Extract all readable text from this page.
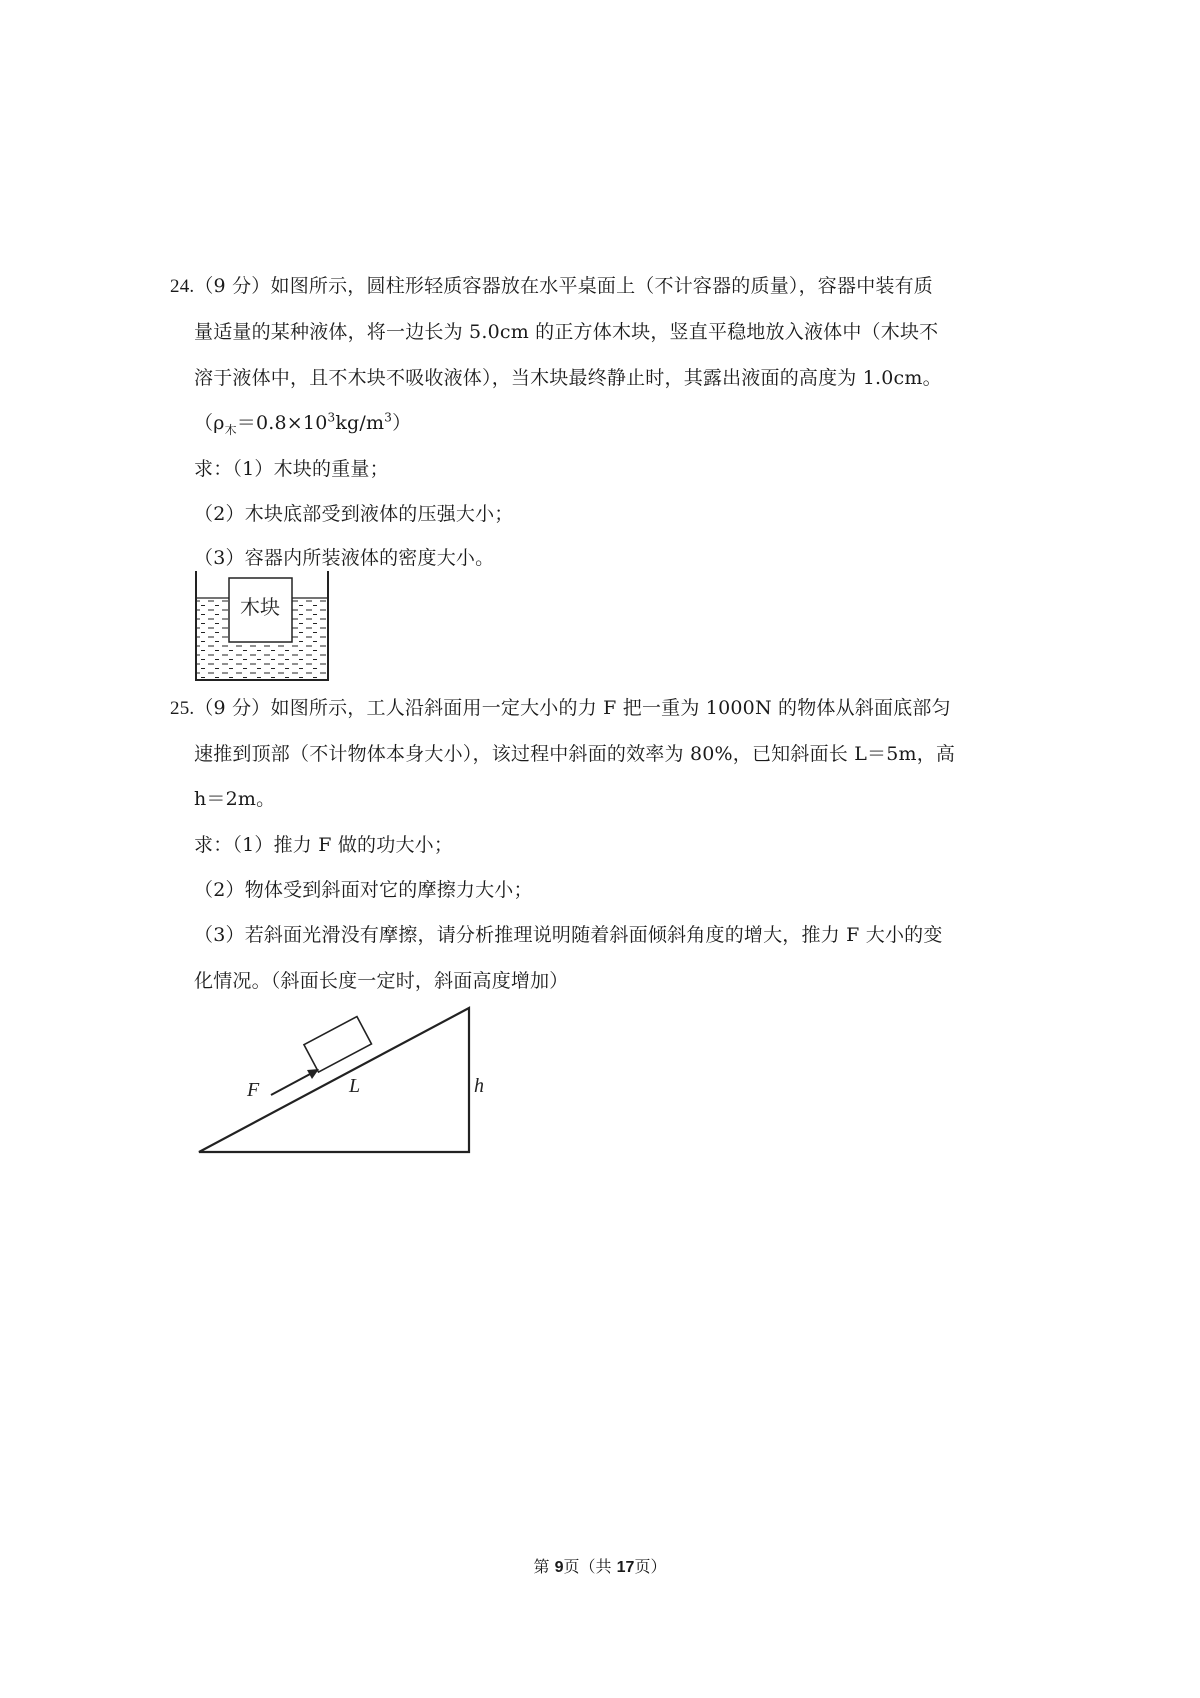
24.（9 分）如图所示，圆柱形轻质容器放在水平桌面上（不计容器的质量），容器中装有质
量适量的某种液体，将一边长为 5.0cm 的正方体木块，竖直平稳地放入液体中（木块不
溶于液体中，且不木块不吸收液体），当木块最终静止时，其露出液面的高度为 1.0cm。
$(\rho_木=0.8\times 10^3kg/m^3)$
求：（1）木块的重量；
（2）木块底部受到液体的压强大小；
（3）容器内所装液体的密度大小。
木块
25.（9 分）如图所示，工人沿斜面用一定大小的力 F 把一重为 1000N 的物体从斜面底部匀
速推到顶部（不计物体本身大小），该过程中斜面的效率为 80%，已知斜面长 L＝5m，高
h＝2m。
求：（1）推力 F 做的功大小；
（2）物体受到斜面对它的摩擦力大小；
（3）若斜面光滑没有摩擦，请分析推理说明随着斜面倾斜角度的增大，推力 F 大小的变
化情况。（斜面长度一定时，斜面高度增加）
F	L	h
第 9页（共 17页）
